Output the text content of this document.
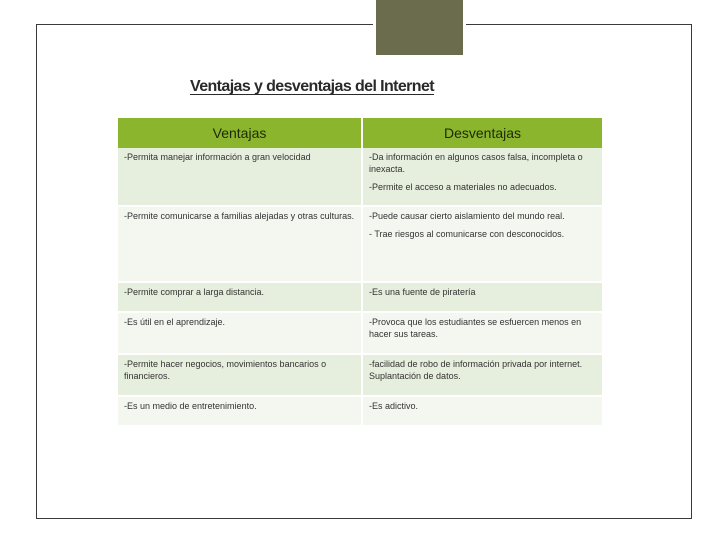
Ventajas y desventajas del Internet
Ventajas	Desventajas

-Permita manejar información a gran velocidad	-Da información en algunos casos falsa, incompleta o inexacta.
-Permite el acceso a materiales no adecuados.

-Permite comunicarse a familias alejadas y otras culturas.	-Puede causar cierto aislamiento del mundo real.
- Trae riesgos al comunicarse con desconocidos.

-Permite comprar a larga distancia.	-Es una fuente de piratería

-Es útil en el aprendizaje.	-Provoca que los estudiantes se esfuercen menos en hacer sus tareas.

-Permite hacer negocios, movimientos bancarios o financieros.	-facilidad de robo de información privada por internet. Suplantación de datos.

-Es un medio de entretenimiento.	-Es adictivo.
